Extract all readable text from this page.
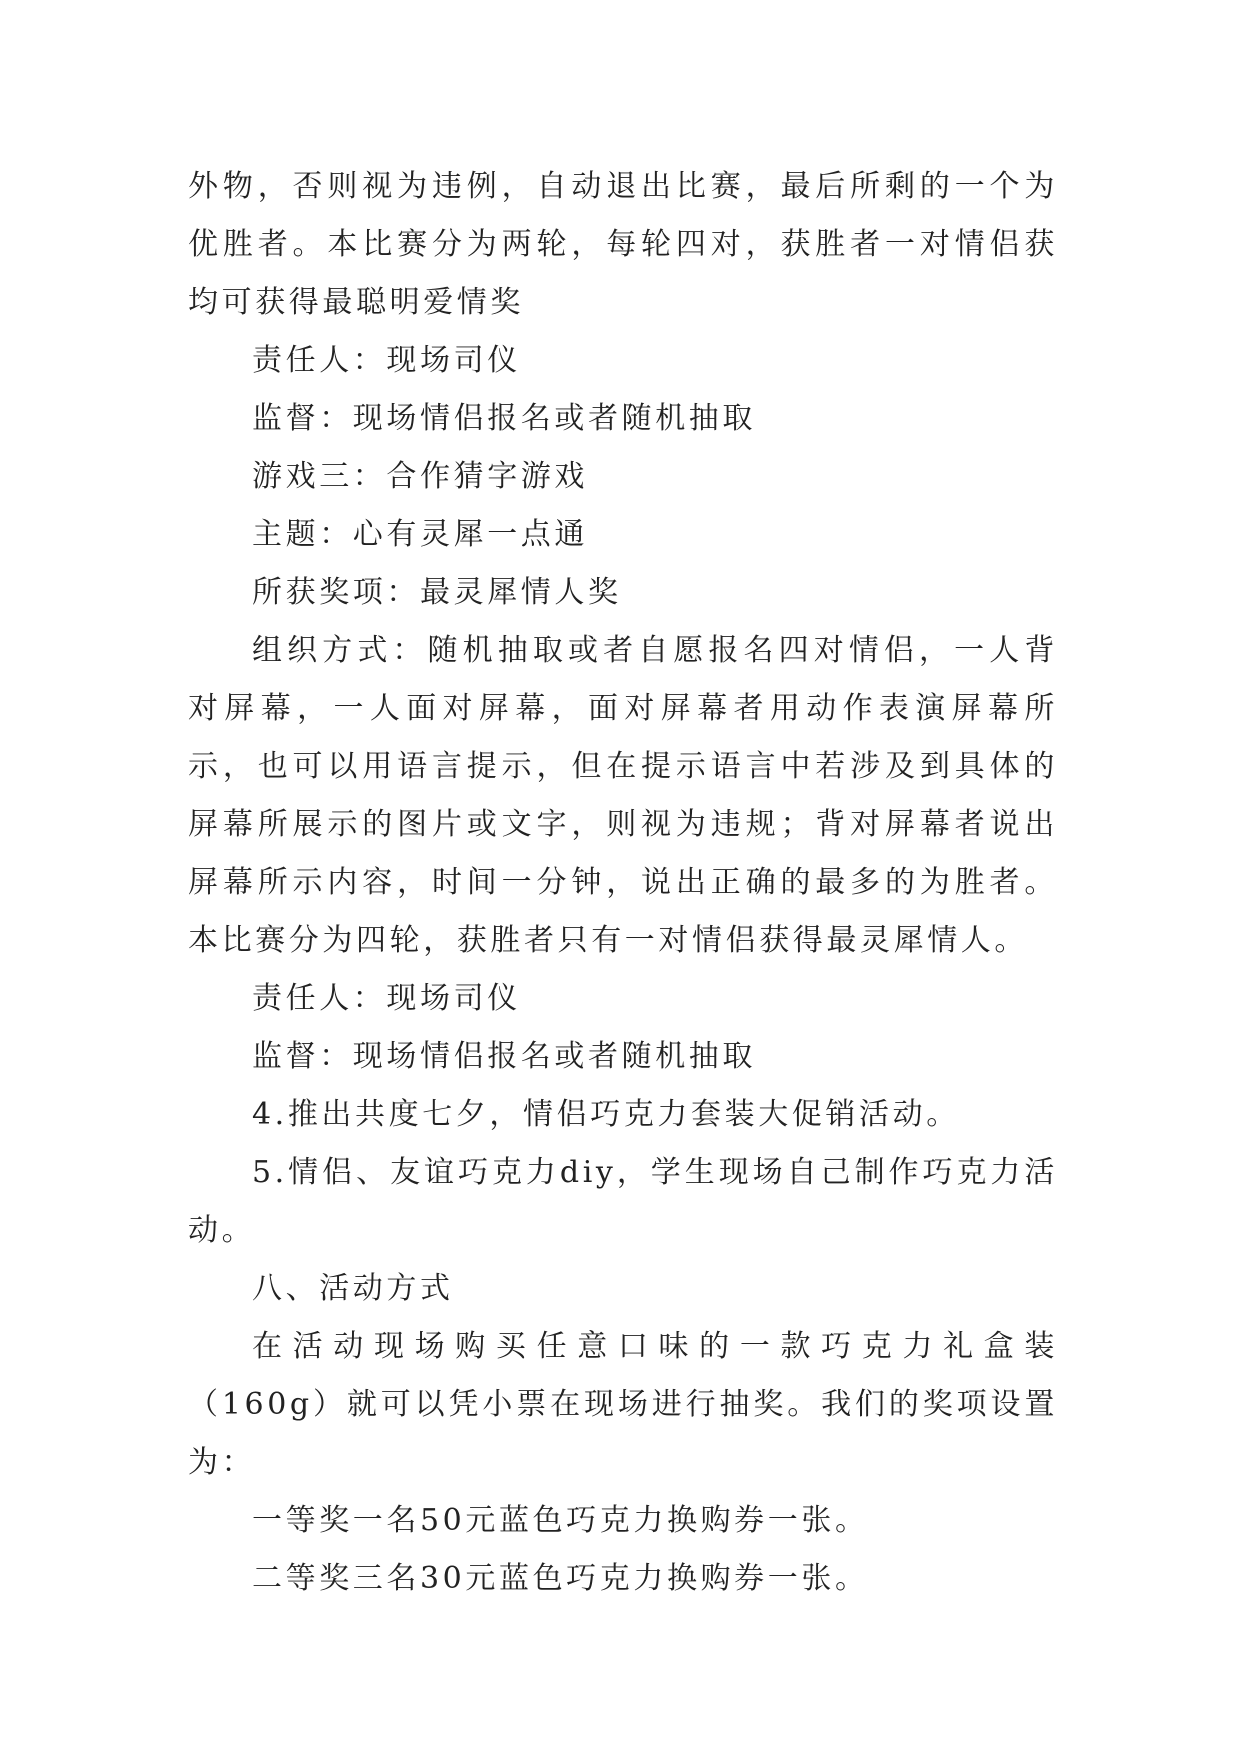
外物，否则视为违例，自动退出比赛，最后所剩的一个为优胜者。本比赛分为两轮，每轮四对，获胜者一对情侣获均可获得最聪明爱情奖

责任人：现场司仪

监督：现场情侣报名或者随机抽取

游戏三：合作猜字游戏

主题：心有灵犀一点通

所获奖项：最灵犀情人奖

组织方式：随机抽取或者自愿报名四对情侣，一人背对屏幕，一人面对屏幕，面对屏幕者用动作表演屏幕所示，也可以用语言提示，但在提示语言中若涉及到具体的屏幕所展示的图片或文字，则视为违规；背对屏幕者说出屏幕所示内容，时间一分钟，说出正确的最多的为胜者。本比赛分为四轮，获胜者只有一对情侣获得最灵犀情人。

责任人：现场司仪

监督：现场情侣报名或者随机抽取

4.推出共度七夕，情侣巧克力套装大促销活动。

5.情侣、友谊巧克力diy，学生现场自己制作巧克力活动。

八、活动方式

在活动现场购买任意口味的一款巧克力礼盒装（160g）就可以凭小票在现场进行抽奖。我们的奖项设置为：

一等奖一名50元蓝色巧克力换购券一张。

二等奖三名30元蓝色巧克力换购券一张。
